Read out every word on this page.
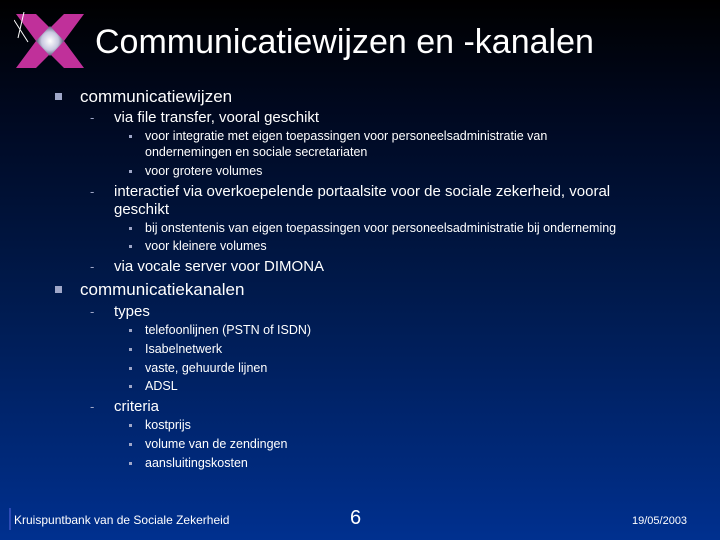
Communicatiewijzen en -kanalen
communicatiewijzen
- via file transfer, vooral geschikt
voor integratie met eigen toepassingen voor personeelsadministratie van
ondernemingen en sociale secretariaten
voor grotere volumes
- interactief via overkoepelende portaalsite voor de sociale zekerheid, vooral
geschikt
bij onstentenis van eigen toepassingen voor personeelsadministratie bij onderneming
voor kleinere volumes
- via vocale server voor DIMONA
communicatiekanalen
- types
telefoonlijnen (PSTN of ISDN)
Isabelnetwerk
vaste, gehuurde lijnen
ADSL
- criteria
kostprijs
volume van de zendingen
aansluitingskosten
Kruispuntbank van de Sociale Zekerheid	6	19/05/2003
